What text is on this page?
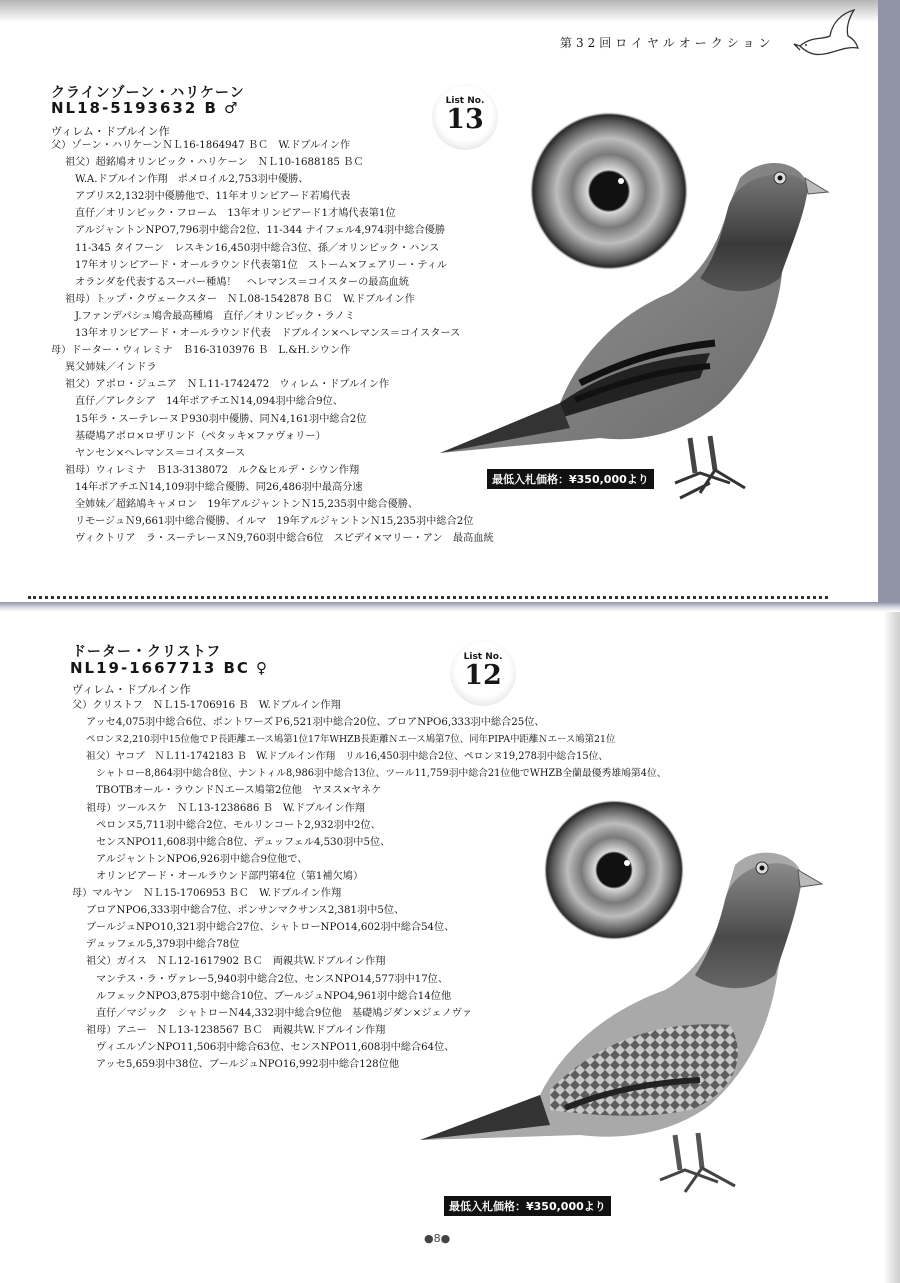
第32回ロイヤルオークション
クラインゾーン・ハリケーン
NL18-5193632 B ♂
ヴィレム・ドブルイン作
父）ゾーン・ハリケーンＮＬ16-1864947 ＢＣ　W.ドブルイン作
祖父）超銘鳩オリンピック・ハリケーン　ＮＬ10-1688185 ＢＣ
W.A.ドブルイン作翔　ポメロイル2,753羽中優勝、
アブリス2,132羽中優勝他で、11年オリンピアード若鳩代表
直仔／オリンピック・フローム　13年オリンピアード1才鳩代表第1位
アルジャントンNPO7,796羽中総合2位、11-344 ナイフェル4,974羽中総合優勝
11-345 タイフーン　レスキン16,450羽中総合3位、孫／オリンピック・ハンス
17年オリンピアード・オールラウンド代表第1位　ストーム×フェアリー・ティル
オランダを代表するスーパー種鳩！　ヘレマンス＝コイスターの最高血統
祖母）トップ・クヴェークスター　ＮＬ08-1542878 ＢＣ　W.ドブルイン作
J.ファンデパシュ鳩舎最高種鳩　直仔／オリンピック・ラノミ
13年オリンピアード・オールラウンド代表　ドブルイン×ヘレマンス＝コイスタース
母）ドーター・ウィレミナ　Ｂ16-3103976 Ｂ　L.&H.シウン作
異父姉妹／インドラ
祖父）アポロ・ジュニア　ＮＬ11-1742472　ウィレム・ドブルイン作
直仔／アレクシア　14年ポアチエＮ14,094羽中総合9位、
15年ラ・スーテレーヌＰ930羽中優勝、同Ｎ4,161羽中総合2位
基礎鳩アポロ×ロザリンド（ペタッキ×ファヴォリー）
ヤンセン×ヘレマンス＝コイスタース
祖母）ウィレミナ　Ｂ13-3138072　ルク&ヒルデ・シウン作翔
14年ポアチエＮ14,109羽中総合優勝、同26,486羽中最高分速
全姉妹／超銘鳩キャメロン　19年アルジャントンＮ15,235羽中総合優勝、
リモージュＮ9,661羽中総合優勝、イルマ　19年アルジャントンＮ15,235羽中総合2位
ヴィクトリア　ラ・スーテレーヌＮ9,760羽中総合6位　スピデイ×マリー・アン　最高血統
List No.
13
最低入札価格：¥350,000より
ドーター・クリストフ
NL19-1667713 BC ♀
ヴィレム・ドブルイン作
父）クリストフ　ＮＬ15-1706916 Ｂ　W.ドブルイン作翔
アッセ4,075羽中総合6位、ポントワーズＰ6,521羽中総合20位、ブロアNPO6,333羽中総合25位、
ペロンヌ2,210羽中15位他でＰ長距離エース鳩第1位17年WHZB長距離Ｎエース鳩第7位、同年PIPA中距離Ｎエース鳩第21位
祖父）ヤコブ　ＮＬ11-1742183 Ｂ　W.ドブルイン作翔　リル16,450羽中総合2位、ペロンヌ19,278羽中総合15位、
シャトロー8,864羽中総合8位、ナントィル8,986羽中総合13位、ツール11,759羽中総合21位他でWHZB全蘭最優秀雄鳩第4位、
TBOTBオール・ラウンドＮエース鳩第2位他　ヤヌス×ヤネケ
祖母）ツールスケ　ＮＬ13-1238686 Ｂ　W.ドブルイン作翔
ペロンヌ5,711羽中総合2位、モルリンコート2,932羽中2位、
センスNPO11,608羽中総合8位、デュッフェル4,530羽中5位、
アルジャントンNPO6,926羽中総合9位他で、
オリンピアード・オールラウンド部門第4位（第1補欠鳩）
母）マルヤン　ＮＬ15-1706953 ＢＣ　W.ドブルイン作翔
ブロアNPO6,333羽中総合7位、ポンサンマクサンス2,381羽中5位、
ブールジュNPO10,321羽中総合27位、シャトローNPO14,602羽中総合54位、
デュッフェル5,379羽中総合78位
祖父）ガイス　ＮＬ12-1617902 ＢＣ　両親共W.ドブルイン作翔
マンテス・ラ・ヴァレー5,940羽中総合2位、センスNPO14,577羽中17位、
ルフェックNPO3,875羽中総合10位、ブールジュNPO4,961羽中総合14位他
直仔／マジック　シャトローＮ44,332羽中総合9位他　基礎鳩ジダン×ジェノヴァ
祖母）アニー　ＮＬ13-1238567 ＢＣ　両親共W.ドブルイン作翔
ヴィエルゾンNPO11,506羽中総合63位、センスNPO11,608羽中総合64位、
アッセ5,659羽中38位、ブールジュNPO16,992羽中総合128位他
List No.
12
最低入札価格：¥350,000より
●8●
